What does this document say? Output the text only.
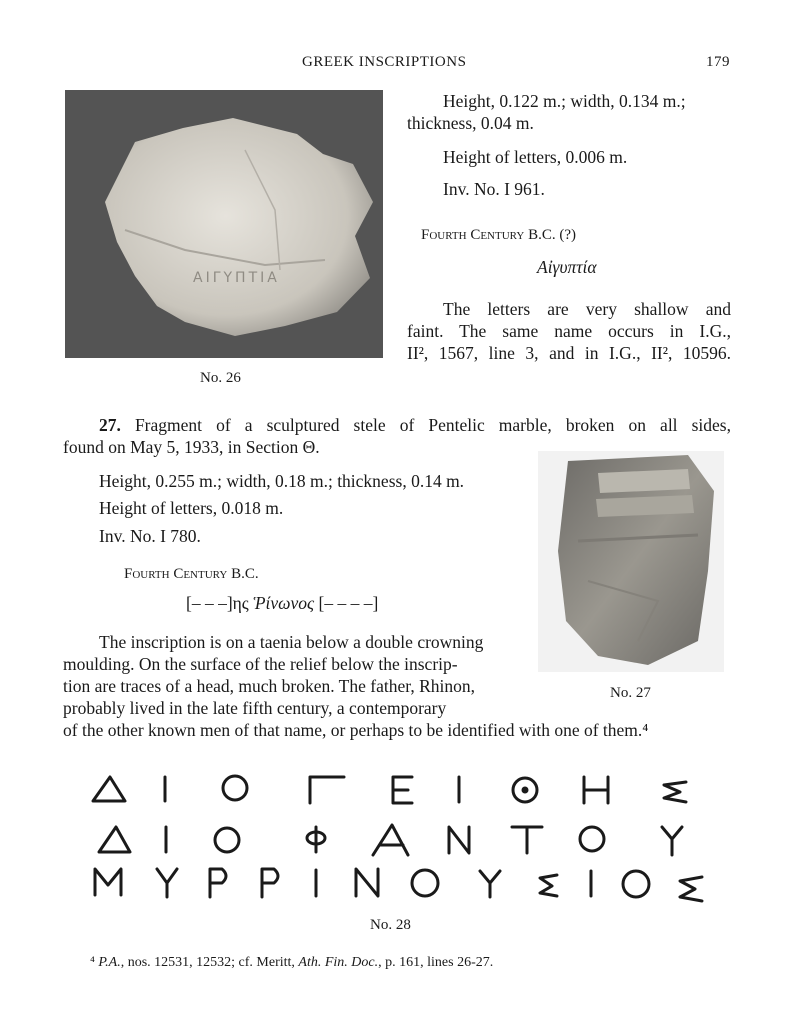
GREEK INSCRIPTIONS	179
ΑΙΓΥΠΤΙΑ
No. 26
Height, 0.122 m.; width, 0.134 m.;
thickness, 0.04 m.
Height of letters, 0.006 m.
Inv. No. I 961.
Fourth Century B.C. (?)
Αἰγυπτία
The letters are very shallow and
faint. The same name occurs in I.G.,
II², 1567, line 3, and in I.G., II², 10596.
27. Fragment of a sculptured stele of Pentelic marble, broken on all sides,
found on May 5, 1933, in Section Θ.
No. 27
Height, 0.255 m.; width, 0.18 m.; thickness, 0.14 m.
Height of letters, 0.018 m.
Inv. No. I 780.
Fourth Century B.C.
[– – –]ης Ῥίνωνος [– – – –]
The inscription is on a taenia below a double crowning
moulding. On the surface of the relief below the inscrip-
tion are traces of a head, much broken. The father, Rhinon,
probably lived in the late fifth century, a contemporary
of the other known men of that name, or perhaps to be identified with one of them.⁴
No. 28
⁴ P.A., nos. 12531, 12532; cf. Meritt, Ath. Fin. Doc., p. 161, lines 26-27.
